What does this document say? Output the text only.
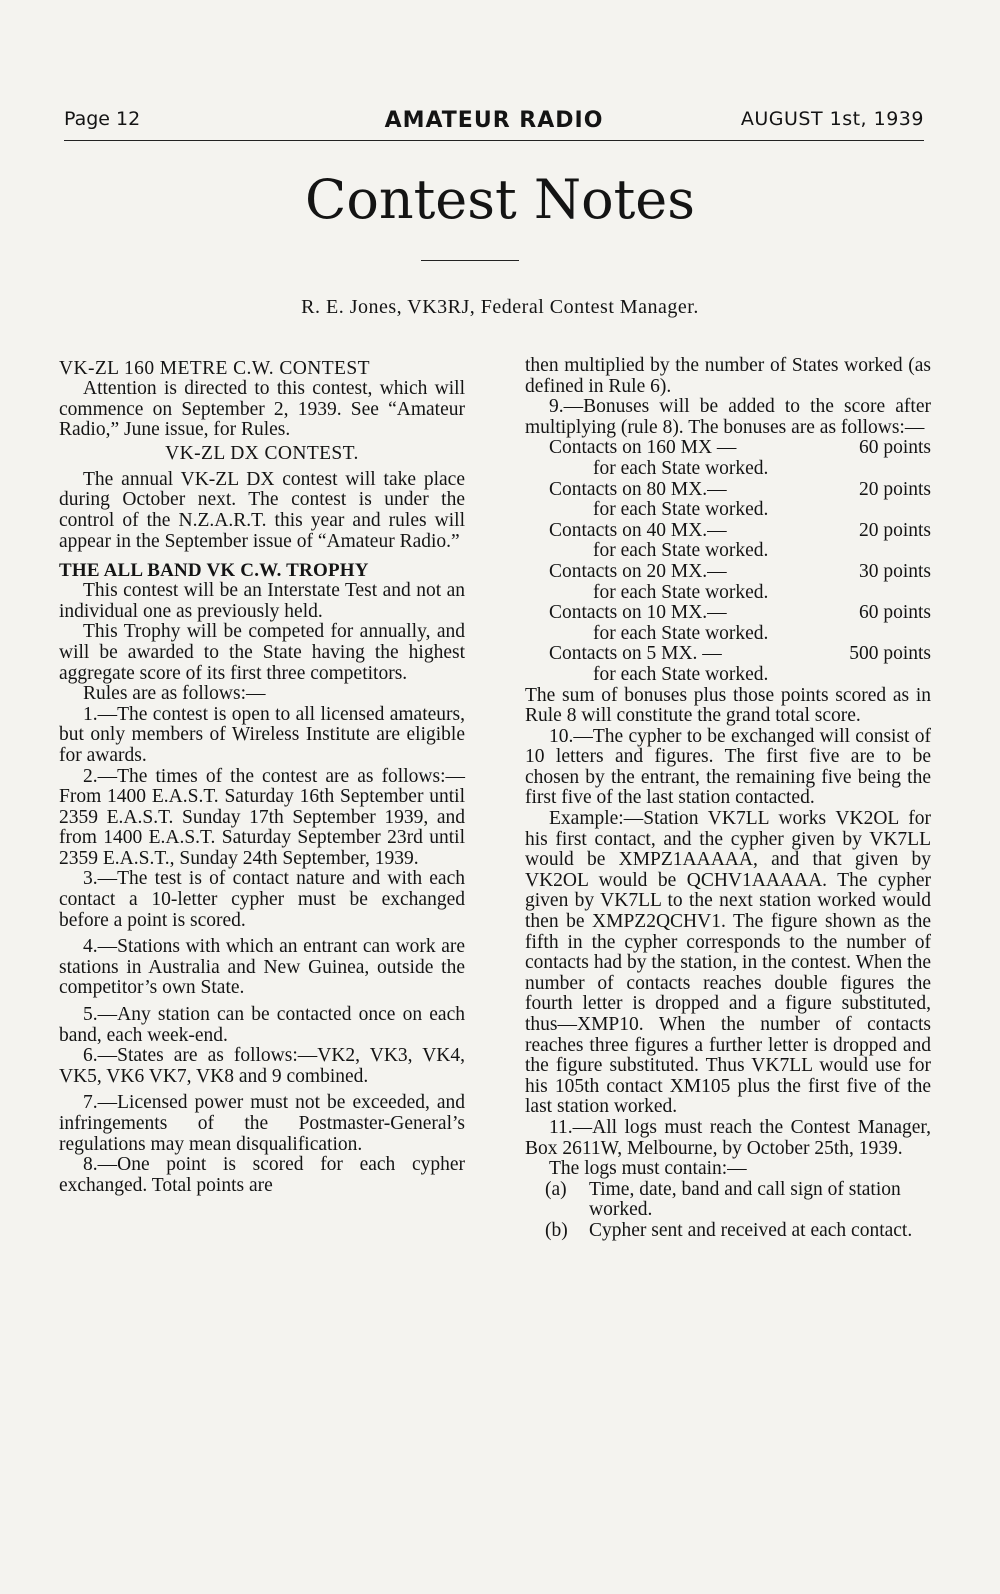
Page 12	AMATEUR RADIO	AUGUST 1st, 1939
Contest Notes
R. E. Jones, VK3RJ, Federal Contest Manager.
VK-ZL 160 METRE C.W. CONTEST

Attention is directed to this contest, which will commence on September 2, 1939. See “Amateur Radio,” June issue, for Rules.

VK-ZL DX CONTEST.

The annual VK-ZL DX contest will take place during October next. The contest is under the control of the N.Z.A.R.T. this year and rules will appear in the September issue of “Amateur Radio.”

THE ALL BAND VK C.W. TROPHY

This contest will be an Interstate Test and not an individual one as previously held.

This Trophy will be competed for annually, and will be awarded to the State having the highest aggregate score of its first three competitors.

Rules are as follows:—

1.—The contest is open to all licensed amateurs, but only members of Wireless Institute are eligible for awards.

2.—The times of the contest are as follows:— From 1400 E.A.S.T. Saturday 16th September until 2359 E.A.S.T. Sunday 17th September 1939, and from 1400 E.A.S.T. Saturday September 23rd until 2359 E.A.S.T., Sunday 24th September, 1939.

3.—The test is of contact nature and with each contact a 10-letter cypher must be exchanged before a point is scored.

4.—Stations with which an entrant can work are stations in Australia and New Guinea, outside the competitor’s own State.

5.—Any station can be contacted once on each band, each week-end.

6.—States are as follows:—VK2, VK3, VK4, VK5, VK6 VK7, VK8 and 9 combined.

7.—Licensed power must not be exceeded, and infringements of the Postmaster-General’s regulations may mean disqualification.

8.—One point is scored for each cypher exchanged. Total points are

then multiplied by the number of States worked (as defined in Rule 6).

9.—Bonuses will be added to the score after multiplying (rule 8). The bonuses are as follows:—

Contacts on 160 MX —	60 points
for each State worked.
Contacts on 80 MX.—	20 points
for each State worked.
Contacts on 40 MX.—	20 points
for each State worked.
Contacts on 20 MX.—	30 points
for each State worked.
Contacts on 10 MX.—	60 points
for each State worked.
Contacts on 5 MX. —	500 points
for each State worked.

The sum of bonuses plus those points scored as in Rule 8 will constitute the grand total score.

10.—The cypher to be exchanged will consist of 10 letters and figures. The first five are to be chosen by the entrant, the remaining five being the first five of the last station contacted.

Example:—Station VK7LL works VK2OL for his first contact, and the cypher given by VK7LL would be XMPZ1AAAAA, and that given by VK2OL would be QCHV1AAAAA. The cypher given by VK7LL to the next station worked would then be XMPZ2QCHV1. The figure shown as the fifth in the cypher corresponds to the number of contacts had by the station, in the contest. When the number of contacts reaches double figures the fourth letter is dropped and a figure substituted, thus—XMP10. When the number of contacts reaches three figures a further letter is dropped and the figure substituted. Thus VK7LL would use for his 105th contact XM105 plus the first five of the last station worked.

11.—All logs must reach the Contest Manager, Box 2611W, Melbourne, by October 25th, 1939.

The logs must contain:—

(a)	Time, date, band and call sign of station worked.
(b)	Cypher sent and received at each contact.
